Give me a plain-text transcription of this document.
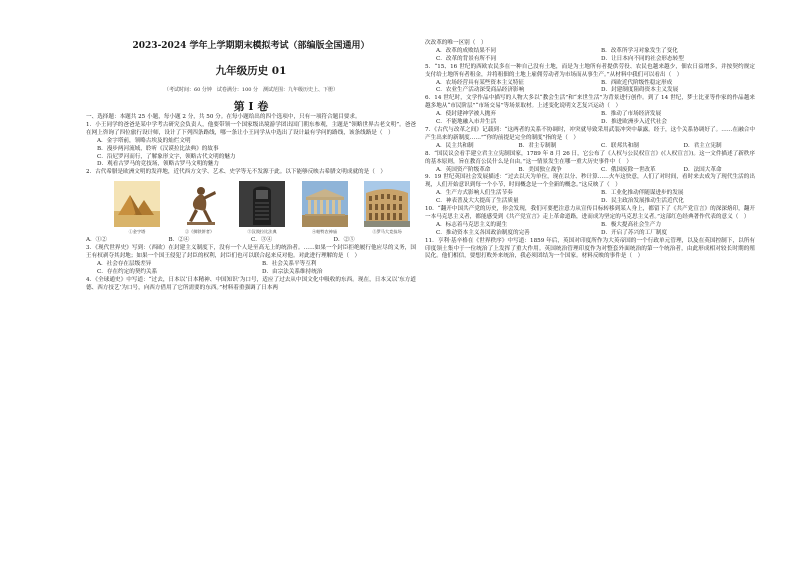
2023-2024 学年上学期期末模拟考试（部编版全国通用）
九年级历史 01
（考试时间：60 分钟　试卷满分：100 分　测试范围：九年级历史上、下册）
第 I 卷

一、选择题：本题共 25 小题，每小题 2 分，共 50 分。在每小题给出的四个选项中，只有一项符合题目要求。

1．小王同学的爸爸是某中学考古研究会负责人，他要带领一个国家级出境游学团出国门朝东参观，主题是“领略世界古老文明”。爸爸在网上咨询了四位旅行设计师，设计了下列四条路线，哪一条让小王同学从中选出了设计最有学问的路线，该条线路是（　）

A．金字塔前，领略古埃及的灿烂文明

B．漫步两河流域，聆听《汉谟拉比法典》的故事

C．沿尼罗河而行，了解象形文字，领略古代文明的魅力

D．观看古罗马的竞技场，领略古罗马文明的魅力

2．古代希腊是欧洲文明的发祥地，近代西方文学、艺术、史学等无不发源于此。以下能够反映古希腊文明成就的是（　）

①金字塔	②《掷铁饼者》	③汉谟拉比法典	④帕特农神庙	⑤罗马大竞技场
A．①②	B．②④	C．③④	D．②⑤

3．《现代世界史》写到：（西欧）在封建主义制度下，没有一个人是至高无上的统治者。……如果一个封臣拒绝履行他应尽的义务，国王有权剥夺其封地；如果一个国王侵犯了封臣的权利，封臣们也可以联合起来反对他。对此进行理解的是（　）

A．社会存在层级差异	B．社会关系平等互利
C．存在约定的契约关系	D．由宗法关系维持统治

4．《全球通史》中写道：“过去，日本以‘日本精神、中国知识’为口号，适应了过去从中国文化中吸收的东西。现在，日本又以‘东方道德、西方技艺’为口号，向西方借用了它所需要的东西。”材料着重强调了日本两

次改革的唯一区别（　）

A．改革的成败结果不同	B．改革所学习对象发生了变化
C．改革的背景有所不同	D．让日本向不同的社会形态转型

5．“15、16 世纪的西欧农民多在一种自己没有土地，而是为土地所有者提供劳役、农民也越来越少，佃农日益增多，并按契约规定支付给土地所有者租金，并将租佃的土地上雇佣劳动者为市场而从事生产。”从材料中我们可以看出（　）

A．农场经营具有某些资本主义特征	B．西欧近代阶级性稳定形成
C．农业生产活动深受商品经济影响	D．封建制度阻碍资本主义发展

6．14 世纪时，文学作品中描写的人物大多以“教会生活”和“来世生活”为背景进行创作。到了 14 世纪，梦士比亚等作家的作品越来越多地从“市民阶层”“市场交易”等场景取材。上述变化说明文艺复兴运动（　）

A．使封建神学被人抛弃	B．推动了市场经济发展
C．不能地融入市井生活	D．推进欧洲步入近代社会

7．《古代与改革之间》记载到：“这两者的关系不协调时，冲突就导致采用武装冲突中暴露。经于，这个关系协调好了。……在融合中产生出来的新制度……”“你的前提是完全的制度”指的是（　）

A．民主共和制	B．君主专制制	C．联邦共和制	D．君主立宪制

8．“国民议会看手建立君主立宪制国家，1789 年 8 月 26 日，它公布了《人权与公民权宣言》(《人权宣言》)。这一文件描述了新秩序的基本原则，旨在教育公民什么是自由。”这一情景发生在哪一重大历史事件中（　）

A．英国资产阶级革命	B．美国独立战争	C．俄国废除一世改革	D．法国大革命

9．19 世纪英国社会发展描述：“过去以天为单位，现在以分、秒计算……火车这快意，人们了对时间，看时来去成为了现代生活的出现，人们开始意识到每一个小节，时间概念是一个全新的概念。”这反映了（　）

A．生产方式影响人们生活节奏	B．工业化推动伴随谋进步的发展
C．神表普及大大提高了生活质量	D．民主政治发展推动生活近代化

10．“翻开中国共产党的历史，你会发现，我们可要把注意力从宣传目标转移到某人身上，都留下了《共产党宣言》的深深烙印，翻开一本马克思主义者，都能感受到《共产党宣言》走上革命道路，进而成为坚定的马克思主义者。”这部红色经典著作代表的意义（　）

A．标志着马克思主义的诞生	B．极大提高社会生产力
C．推动资本主义各国政治制度的完善	D．开启了苏兴的工厂制度

11．亨利·基辛格在《世界秩序》中写道：1859 年后，英国对印度所作为大英帝国的一个行政单元管理，以及在英国控制下，以所有印度领土集中于一位统治了上发挥了重大作用。英国统治管理印度作为对整套外面统治的第一个统治者，由此形成相对较长时期的殖民化。他们相信，要想打败外来统治，我必须团结为一个国家。材料反映的事件是（　）
